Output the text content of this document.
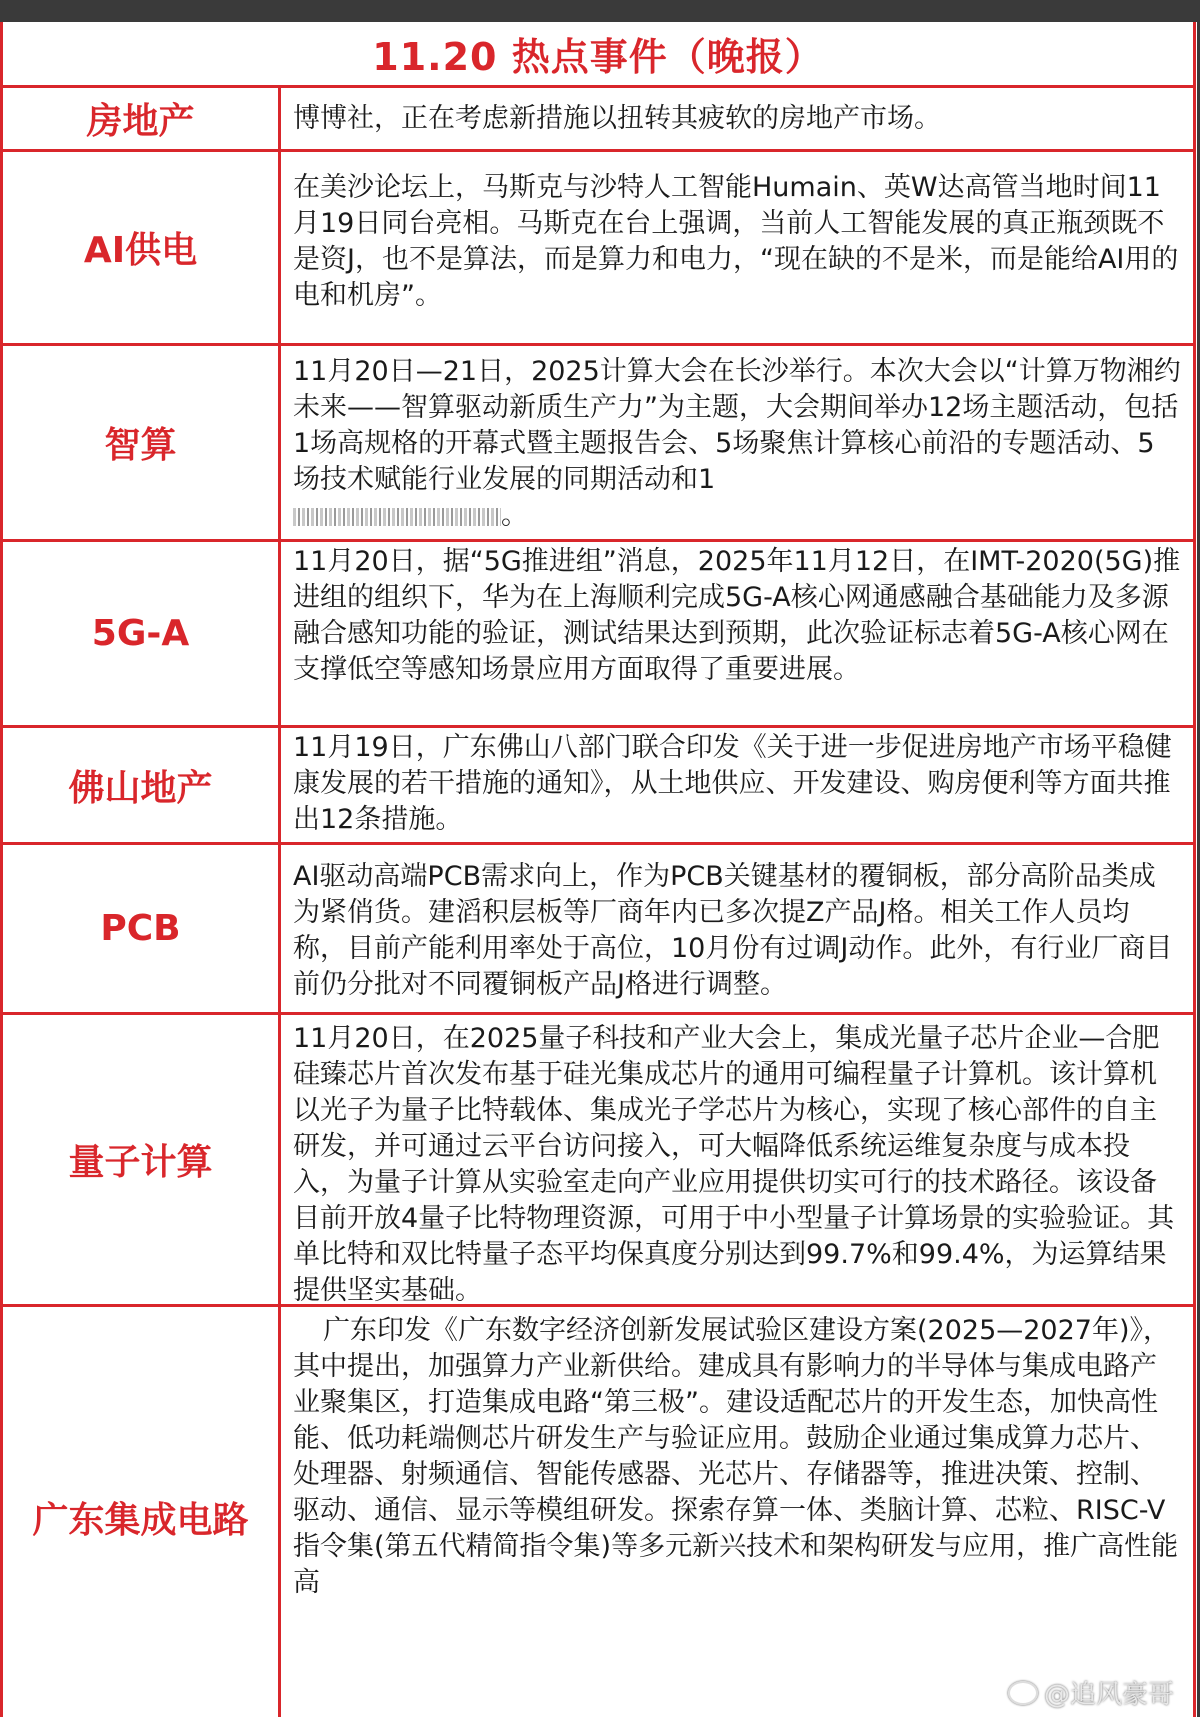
11.20 热点事件（晚报）
房地产	博博社，正在考虑新措施以扭转其疲软的房地产市场。
AI供电
在美沙论坛上，马斯克与沙特人工智能Humain、英W达高管当地时间11月19日同台亮相。马斯克在台上强调，当前人工智能发展的真正瓶颈既不是资J，也不是算法，而是算力和电力，“现在缺的不是米，而是能给AI用的电和机房”。
智算
11月20日—21日，2025计算大会在长沙举行。本次大会以“计算万物湘约未来——智算驱动新质生产力”为主题，大会期间举办12场主题活动，包括1场高规格的开幕式暨主题报告会、5场聚焦计算核心前沿的专题活动、5场技术赋能行业发展的同期活动和1
。
5G-A
11月20日，据“5G推进组”消息，2025年11月12日，在IMT-2020(5G)推进组的组织下，华为在上海顺利完成5G-A核心网通感融合基础能力及多源融合感知功能的验证，测试结果达到预期，此次验证标志着5G-A核心网在支撑低空等感知场景应用方面取得了重要进展。
佛山地产
11月19日，广东佛山八部门联合印发《关于进一步促进房地产市场平稳健康发展的若干措施的通知》，从土地供应、开发建设、购房便利等方面共推出12条措施。
PCB
AI驱动高端PCB需求向上，作为PCB关键基材的覆铜板，部分高阶品类成为紧俏货。建滔积层板等厂商年内已多次提Z产品J格。相关工作人员均称，目前产能利用率处于高位，10月份有过调J动作。此外，有行业厂商目前仍分批对不同覆铜板产品J格进行调整。
量子计算
11月20日，在2025量子科技和产业大会上，集成光量子芯片企业—合肥硅臻芯片首次发布基于硅光集成芯片的通用可编程量子计算机。该计算机以光子为量子比特载体、集成光子学芯片为核心，实现了核心部件的自主研发，并可通过云平台访问接入，可大幅降低系统运维复杂度与成本投入，为量子计算从实验室走向产业应用提供切实可行的技术路径。该设备目前开放4量子比特物理资源，可用于中小型量子计算场景的实验验证。其单比特和双比特量子态平均保真度分别达到99.7%和99.4%，为运算结果提供坚实基础。
广东集成电路
广东印发《广东数字经济创新发展试验区建设方案(2025—2027年)》，其中提出，加强算力产业新供给。建成具有影响力的半导体与集成电路产业聚集区，打造集成电路“第三极”。建设适配芯片的开发生态，加快高性能、低功耗端侧芯片研发生产与验证应用。鼓励企业通过集成算力芯片、处理器、射频通信、智能传感器、光芯片、存储器等，推进决策、控制、驱动、通信、显示等模组研发。探索存算一体、类脑计算、芯粒、RISC-V指令集(第五代精简指令集)等多元新兴技术和架构研发与应用，推广高性能高
@追风豪哥
